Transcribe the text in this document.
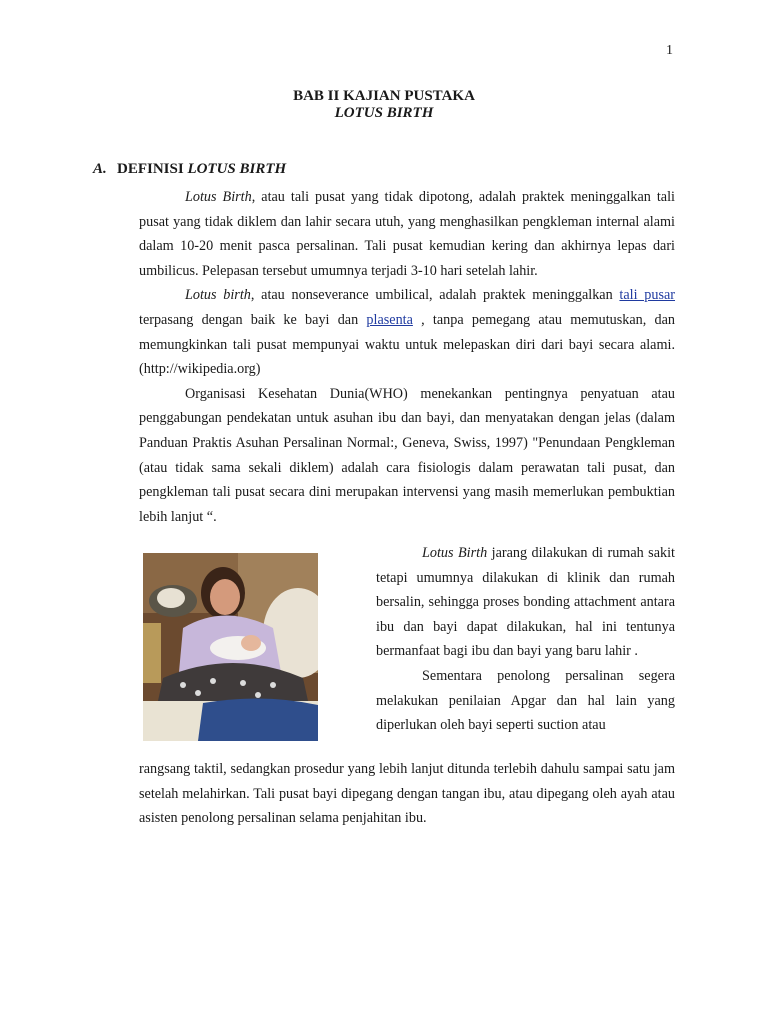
1
BAB II KAJIAN PUSTAKA
LOTUS BIRTH
A. DEFINISI LOTUS BIRTH

Lotus Birth, atau tali pusat yang tidak dipotong, adalah praktek meninggalkan tali pusat yang tidak diklem dan lahir secara utuh, yang menghasilkan pengkleman internal alami dalam 10-20 menit pasca persalinan. Tali pusat kemudian kering dan akhirnya lepas dari umbilicus. Pelepasan tersebut umumnya terjadi 3-10 hari setelah lahir.

Lotus birth, atau nonseverance umbilical, adalah praktek meninggalkan tali pusar terpasang dengan baik ke bayi dan plasenta , tanpa pemegang atau memutuskan, dan memungkinkan tali pusat mempunyai waktu untuk melepaskan diri dari bayi secara alami.(http://wikipedia.org)

Organisasi Kesehatan Dunia(WHO) menekankan pentingnya penyatuan atau penggabungan pendekatan untuk asuhan ibu dan bayi, dan menyatakan dengan jelas (dalam Panduan Praktis Asuhan Persalinan Normal:, Geneva, Swiss, 1997) "Penundaan Pengkleman (atau tidak sama sekali diklem) adalah cara fisiologis dalam perawatan tali pusat, dan pengkleman tali pusat secara dini merupakan intervensi yang masih memerlukan pembuktian lebih lanjut “.

Lotus Birth jarang dilakukan di rumah sakit tetapi umumnya dilakukan di klinik dan rumah bersalin, sehingga proses bonding attachment antara ibu dan bayi dapat dilakukan, hal ini tentunya bermanfaat bagi ibu dan bayi yang baru lahir .

Sementara penolong persalinan segera melakukan penilaian Apgar dan hal lain yang diperlukan oleh bayi seperti suction atau

rangsang taktil, sedangkan prosedur yang lebih lanjut ditunda terlebih dahulu sampai satu jam setelah melahirkan. Tali pusat bayi dipegang dengan tangan ibu, atau dipegang oleh ayah atau asisten penolong persalinan selama penjahitan ibu.
